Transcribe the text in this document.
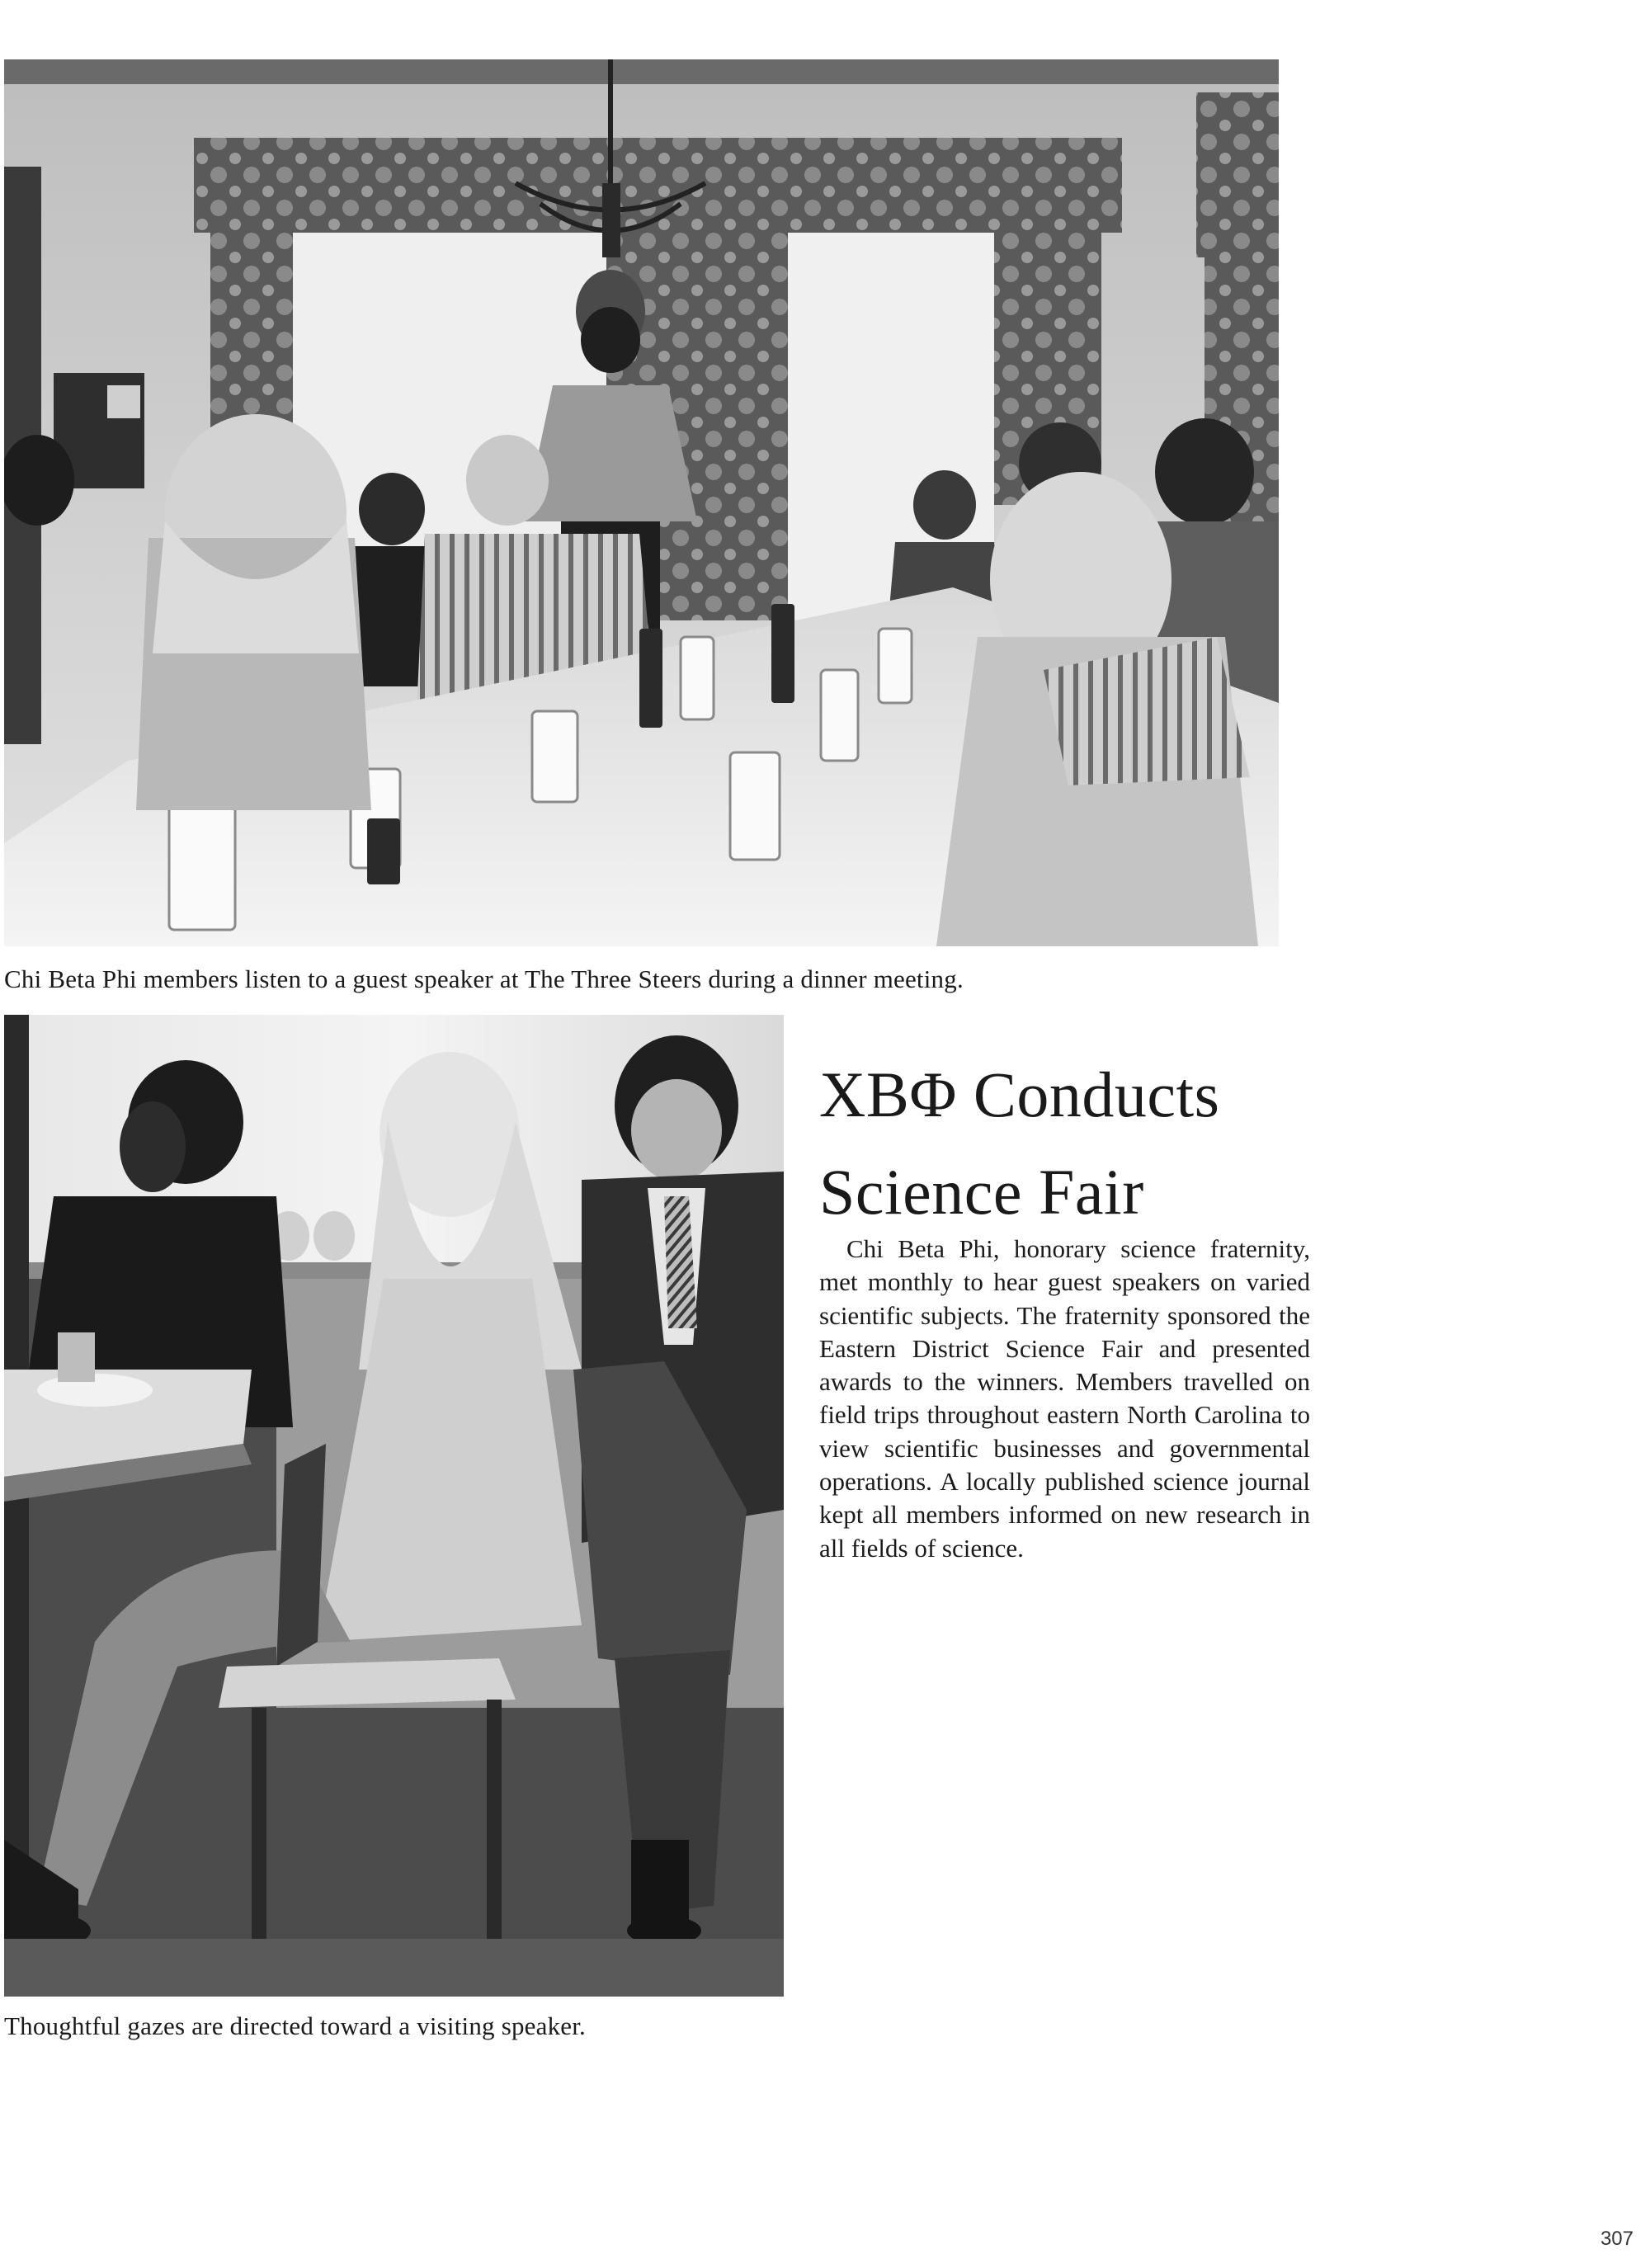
Chi Beta Phi members listen to a guest speaker at The Three Steers during a dinner meeting.
Thoughtful gazes are directed toward a visiting speaker.
XBΦ Conducts
Science Fair

Chi Beta Phi, honorary science fraternity, met monthly to hear guest speakers on varied scientific subjects. The fraternity sponsored the Eastern District Science Fair and presented awards to the winners. Members travelled on field trips throughout eastern North Carolina to view scientific businesses and governmental operations. A locally published science journal kept all members informed on new research in all fields of science.

307
